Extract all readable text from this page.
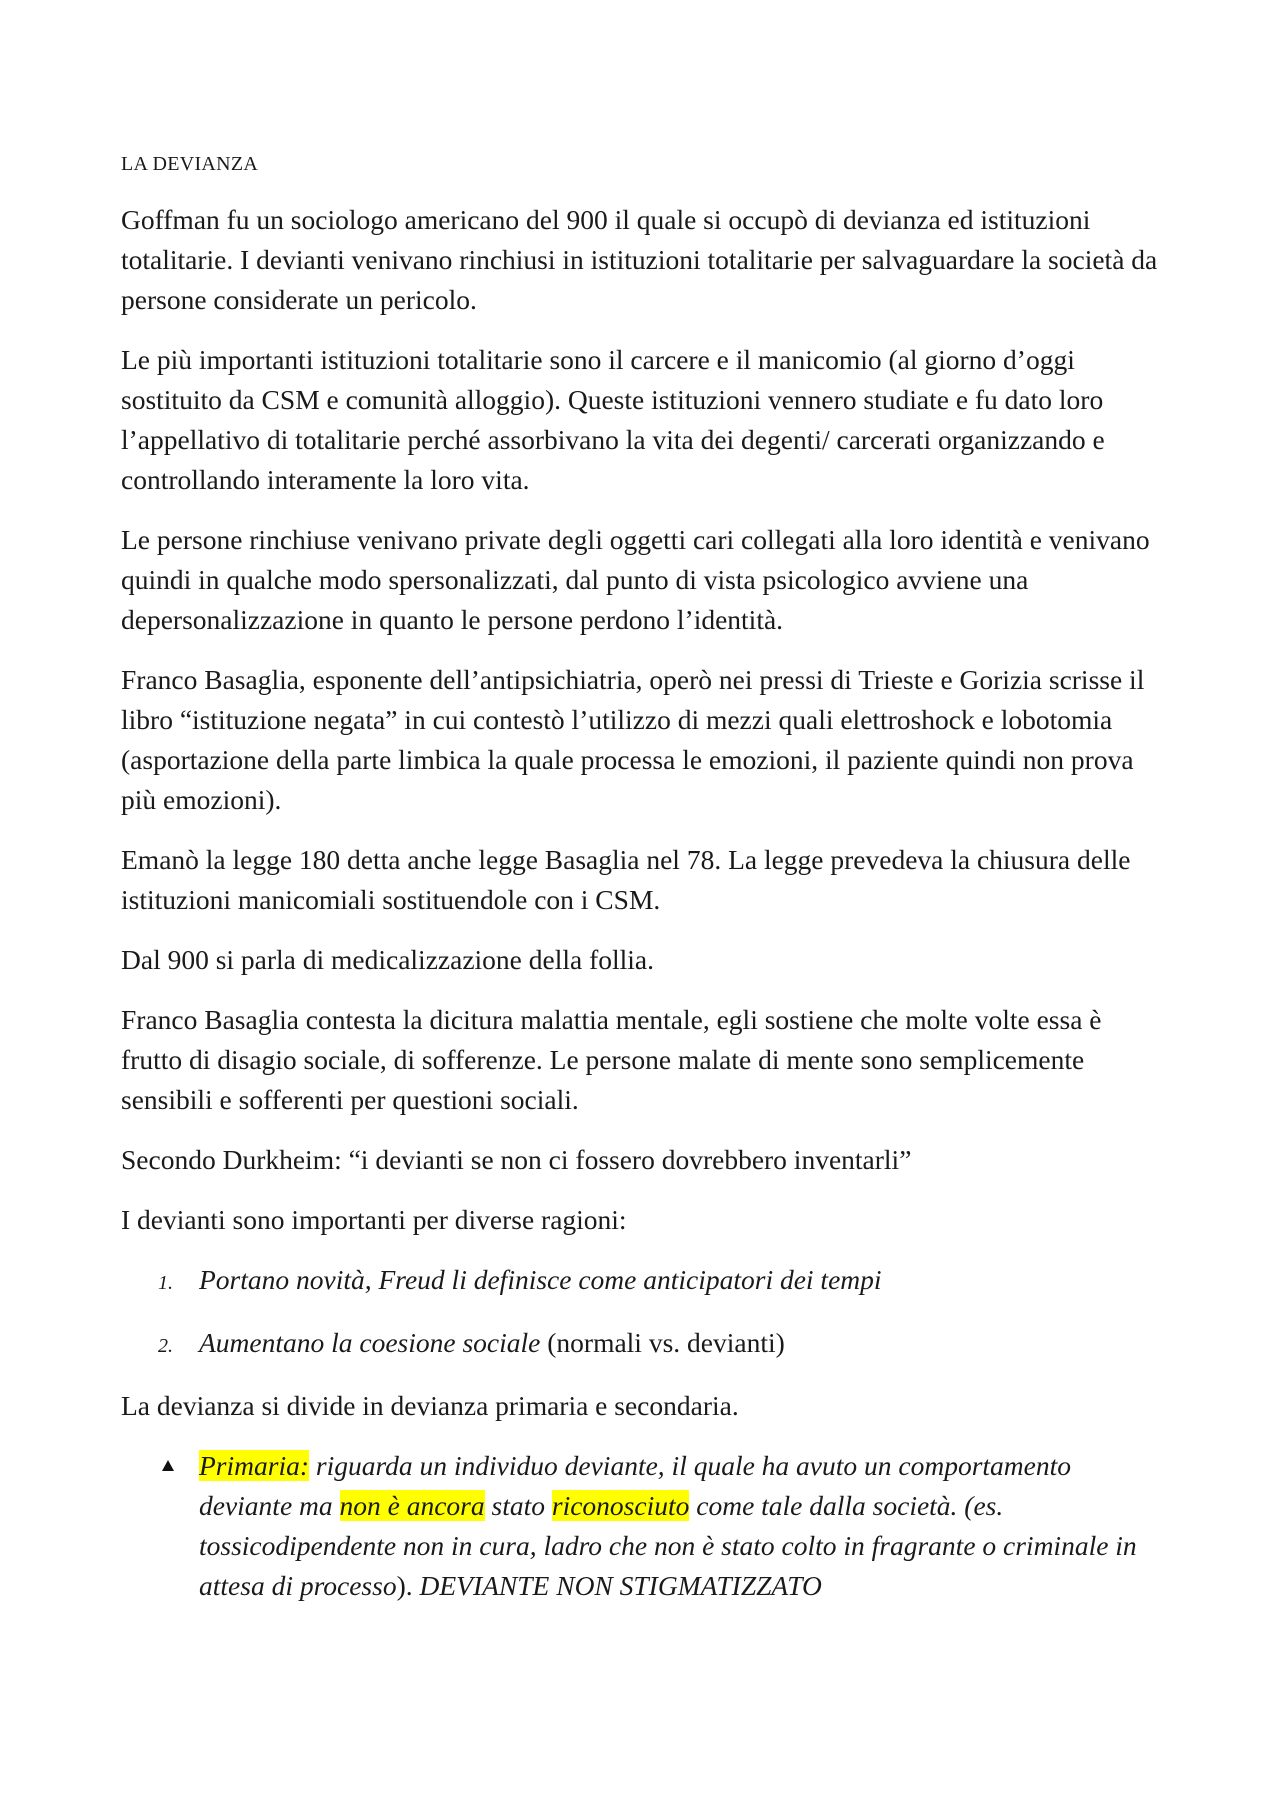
LA DEVIANZA

Goffman fu un sociologo americano del 900 il quale si occupò di devianza ed istituzioni totalitarie. I devianti venivano rinchiusi in istituzioni totalitarie per salvaguardare la società da persone considerate un pericolo.

Le più importanti istituzioni totalitarie sono il carcere e il manicomio (al giorno d’oggi sostituito da CSM e comunità alloggio). Queste istituzioni vennero studiate e fu dato loro l’appellativo di totalitarie perché assorbivano la vita dei degenti/ carcerati organizzando e controllando interamente la loro vita.

Le persone rinchiuse venivano private degli oggetti cari collegati alla loro identità e venivano quindi in qualche modo spersonalizzati, dal punto di vista psicologico avviene una depersonalizzazione in quanto le persone perdono l’identità.

Franco Basaglia, esponente dell’antipsichiatria, operò nei pressi di Trieste e Gorizia scrisse il libro “istituzione negata” in cui contestò l’utilizzo di mezzi quali elettroshock e lobotomia (asportazione della parte limbica la quale processa le emozioni, il paziente quindi non prova più emozioni).

Emanò la legge 180 detta anche legge Basaglia nel 78. La legge prevedeva la chiusura delle istituzioni manicomiali sostituendole con i CSM.

Dal 900 si parla di medicalizzazione della follia.

Franco Basaglia contesta la dicitura malattia mentale, egli sostiene che molte volte essa è frutto di disagio sociale, di sofferenze. Le persone malate di mente sono semplicemente sensibili e sofferenti per questioni sociali.

Secondo Durkheim: “i devianti se non ci fossero dovrebbero inventarli”

I devianti sono importanti per diverse ragioni:

1. Portano novità, Freud li definisce come anticipatori dei tempi
2. Aumentano la coesione sociale (normali vs. devianti)

La devianza si divide in devianza primaria e secondaria.

Primaria: riguarda un individuo deviante, il quale ha avuto un comportamento deviante ma non è ancora stato riconosciuto come tale dalla società. (es. tossicodipendente non in cura, ladro che non è stato colto in fragrante o criminale in attesa di processo). DEVIANTE NON STIGMATIZZATO
